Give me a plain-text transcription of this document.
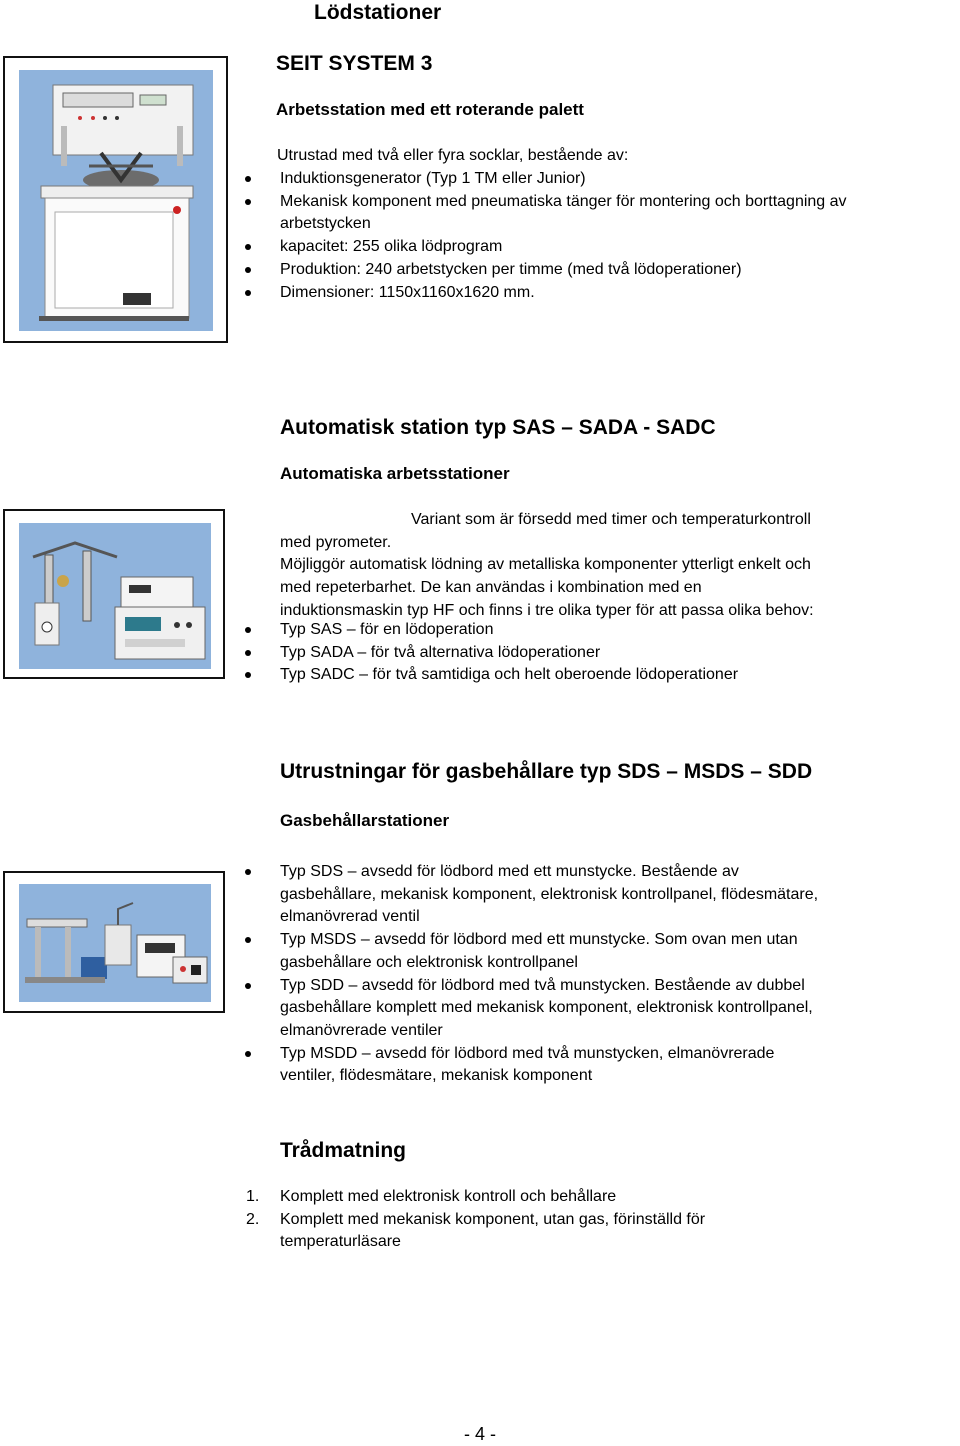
Lödstationer
SEIT SYSTEM 3
Arbetsstation med ett roterande palett
Utrustad med två eller fyra socklar, bestående av:
Induktionsgenerator (Typ 1 TM eller Junior)
Mekanisk komponent med pneumatiska tänger för montering och borttagning av
arbetstycken
kapacitet: 255 olika lödprogram
Produktion: 240 arbetstycken per timme (med två lödoperationer)
Dimensioner: 1150x1160x1620 mm.
Automatisk station typ SAS – SADA - SADC
Automatiska arbetsstationer
Variant som är försedd med timer och temperaturkontroll
med pyrometer.
Möjliggör automatisk lödning av metalliska komponenter ytterligt enkelt och
med repeterbarhet. De kan användas i kombination med en
induktionsmaskin typ HF och finns i tre olika typer för att passa olika behov:
Typ SAS – för en lödoperation
Typ SADA – för två alternativa lödoperationer
Typ SADC – för två samtidiga och helt oberoende lödoperationer
Utrustningar för gasbehållare typ SDS – MSDS – SDD
Gasbehållarstationer
Typ SDS – avsedd för lödbord med ett munstycke. Bestående av
gasbehållare, mekanisk komponent, elektronisk kontrollpanel, flödesmätare,
elmanövrerad ventil
Typ MSDS – avsedd för lödbord med ett munstycke. Som ovan men utan
gasbehållare och elektronisk kontrollpanel
Typ SDD – avsedd för lödbord med två munstycken. Bestående av dubbel
gasbehållare komplett med mekanisk komponent, elektronisk kontrollpanel,
elmanövrerade ventiler
Typ MSDD – avsedd för lödbord med två munstycken, elmanövrerade
ventiler, flödesmätare, mekanisk komponent
Trådmatning
1. Komplett med elektronisk kontroll och behållare
2. Komplett med mekanisk komponent, utan gas, förinställd för
temperaturläsare
- 4 -
